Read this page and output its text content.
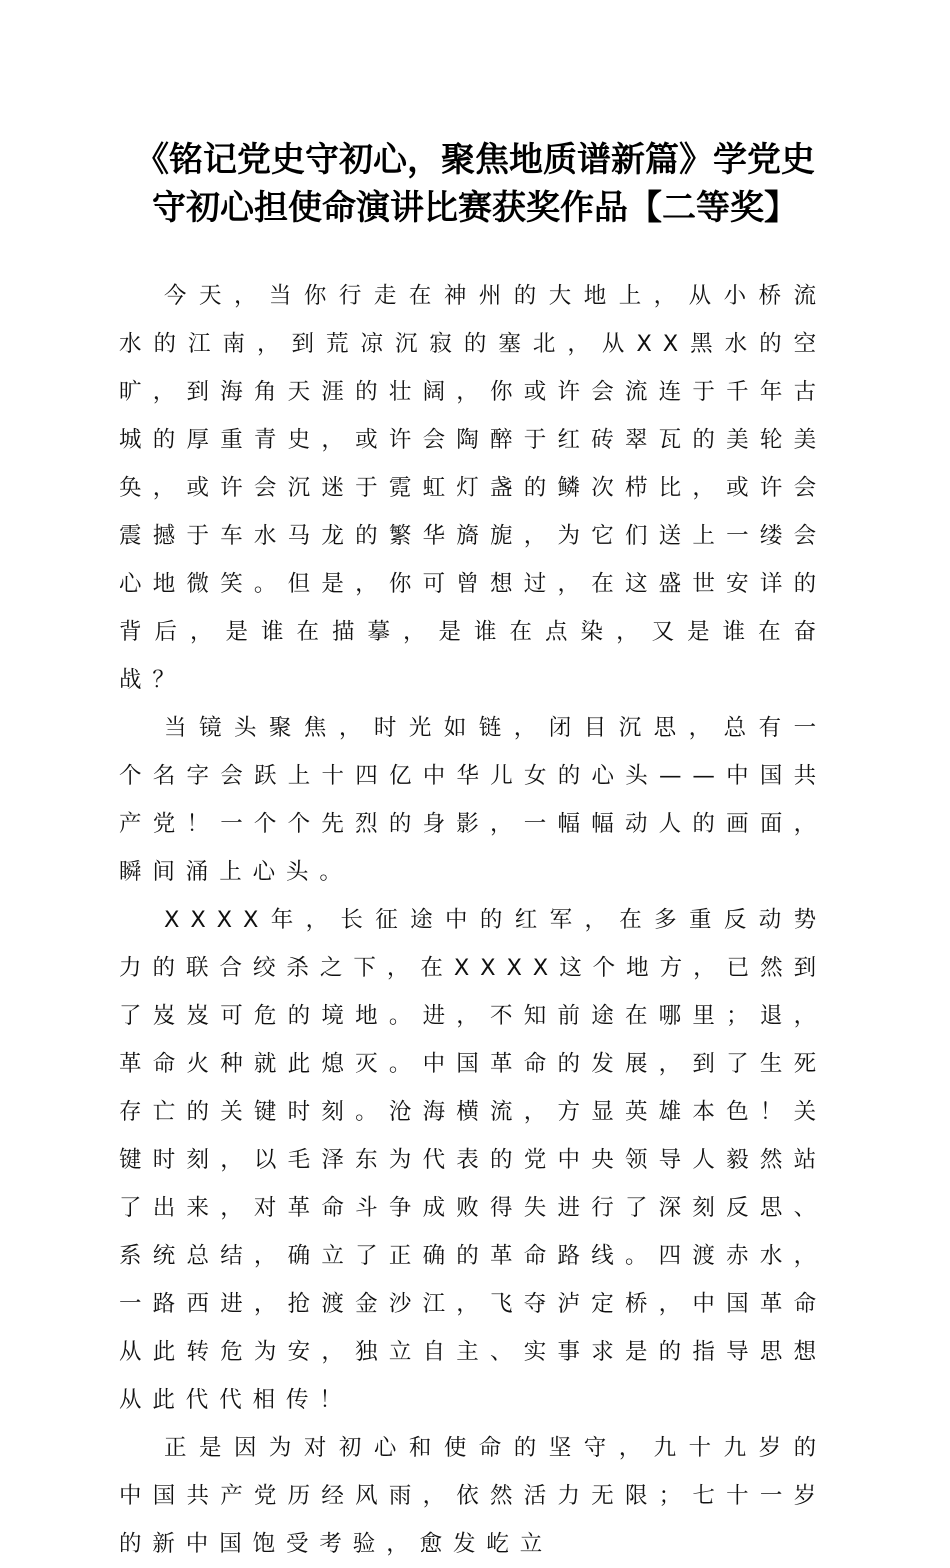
《铭记党史守初心，聚焦地质谱新篇》学党史
守初心担使命演讲比赛获奖作品【二等奖】

今天，当你行走在神州的大地上，从小桥流水的江南，到荒凉沉寂的塞北，从XX黑水的空旷，到海角天涯的壮阔，你或许会流连于千年古城的厚重青史，或许会陶醉于红砖翠瓦的美轮美奂，或许会沉迷于霓虹灯盏的鳞次栉比，或许会震撼于车水马龙的繁华旖旎，为它们送上一缕会心地微笑。但是，你可曾想过，在这盛世安详的背后，是谁在描摹，是谁在点染，又是谁在奋战？

当镜头聚焦，时光如链，闭目沉思，总有一个名字会跃上十四亿中华儿女的心头——中国共产党！一个个先烈的身影，一幅幅动人的画面，瞬间涌上心头。

XXXX年，长征途中的红军，在多重反动势力的联合绞杀之下，在XXXX这个地方，已然到了岌岌可危的境地。进，不知前途在哪里；退，革命火种就此熄灭。中国革命的发展，到了生死存亡的关键时刻。沧海横流，方显英雄本色！关键时刻，以毛泽东为代表的党中央领导人毅然站了出来，对革命斗争成败得失进行了深刻反思、系统总结，确立了正确的革命路线。四渡赤水，一路西进，抢渡金沙江，飞夺泸定桥，中国革命从此转危为安，独立自主、实事求是的指导思想从此代代相传！

正是因为对初心和使命的坚守，九十九岁的中国共产党历经风雨，依然活力无限；七十一岁的新中国饱受考验，愈发屹立
